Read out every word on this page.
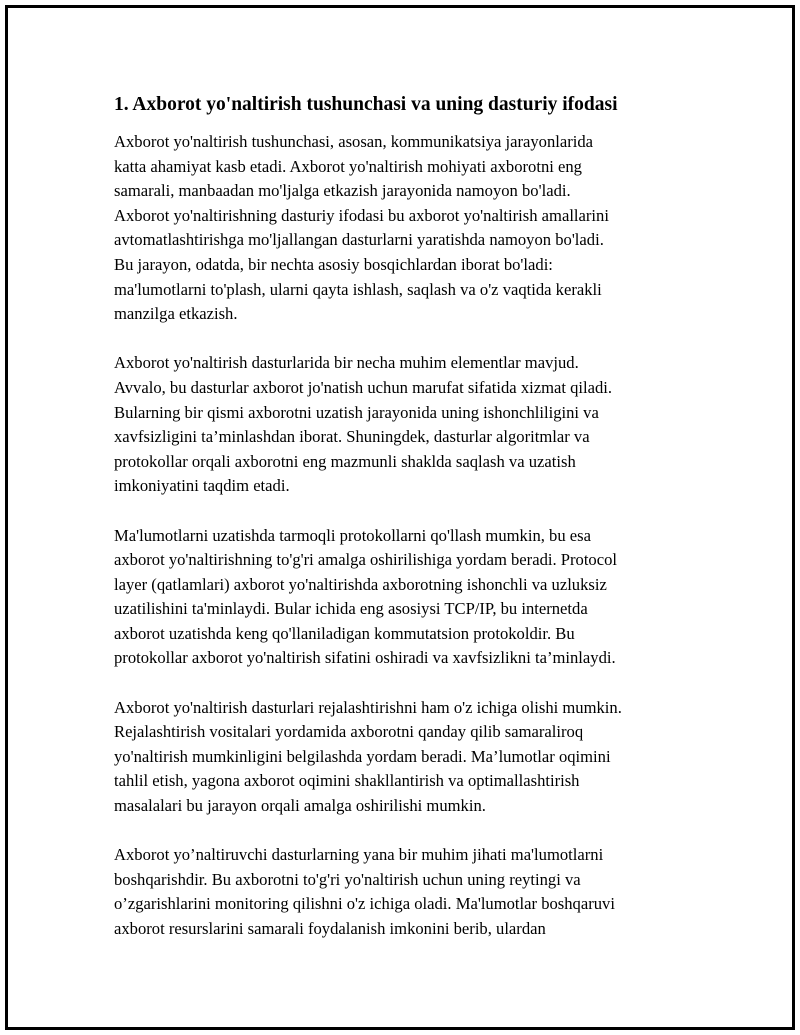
1. Axborot yo'naltirish tushunchasi va uning dasturiy ifodasi

Axborot yo'naltirish tushunchasi, asosan, kommunikatsiya jarayonlarida
katta ahamiyat kasb etadi. Axborot yo'naltirish mohiyati axborotni eng
samarali, manbaadan mo'ljalga etkazish jarayonida namoyon bo'ladi.
Axborot yo'naltirishning dasturiy ifodasi bu axborot yo'naltirish amallarini
avtomatlashtirishga mo'ljallangan dasturlarni yaratishda namoyon bo'ladi.
Bu jarayon, odatda, bir nechta asosiy bosqichlardan iborat bo'ladi:
ma'lumotlarni to'plash, ularni qayta ishlash, saqlash va o'z vaqtida kerakli
manzilga etkazish.

Axborot yo'naltirish dasturlarida bir necha muhim elementlar mavjud.
Avvalo, bu dasturlar axborot jo'natish uchun marufat sifatida xizmat qiladi.
Bularning bir qismi axborotni uzatish jarayonida uning ishonchliligini va
xavfsizligini ta’minlashdan iborat. Shuningdek, dasturlar algoritmlar va
protokollar orqali axborotni eng mazmunli shaklda saqlash va uzatish
imkoniyatini taqdim etadi.

Ma'lumotlarni uzatishda tarmoqli protokollarni qo'llash mumkin, bu esa
axborot yo'naltirishning to'g'ri amalga oshirilishiga yordam beradi. Protocol
layer (qatlamlari) axborot yo'naltirishda axborotning ishonchli va uzluksiz
uzatilishini ta'minlaydi. Bular ichida eng asosiysi TCP/IP, bu internetda
axborot uzatishda keng qo'llaniladigan kommutatsion protokoldir. Bu
protokollar axborot yo'naltirish sifatini oshiradi va xavfsizlikni ta’minlaydi.

Axborot yo'naltirish dasturlari rejalashtirishni ham o'z ichiga olishi mumkin.
Rejalashtirish vositalari yordamida axborotni qanday qilib samaraliroq
yo'naltirish mumkinligini belgilashda yordam beradi. Ma’lumotlar oqimini
tahlil etish, yagona axborot oqimini shakllantirish va optimallashtirish
masalalari bu jarayon orqali amalga oshirilishi mumkin.

Axborot yo’naltiruvchi dasturlarning yana bir muhim jihati ma'lumotlarni
boshqarishdir. Bu axborotni to'g'ri yo'naltirish uchun uning reytingi va
o’zgarishlarini monitoring qilishni o'z ichiga oladi. Ma'lumotlar boshqaruvi
axborot resurslarini samarali foydalanish imkonini berib, ulardan
